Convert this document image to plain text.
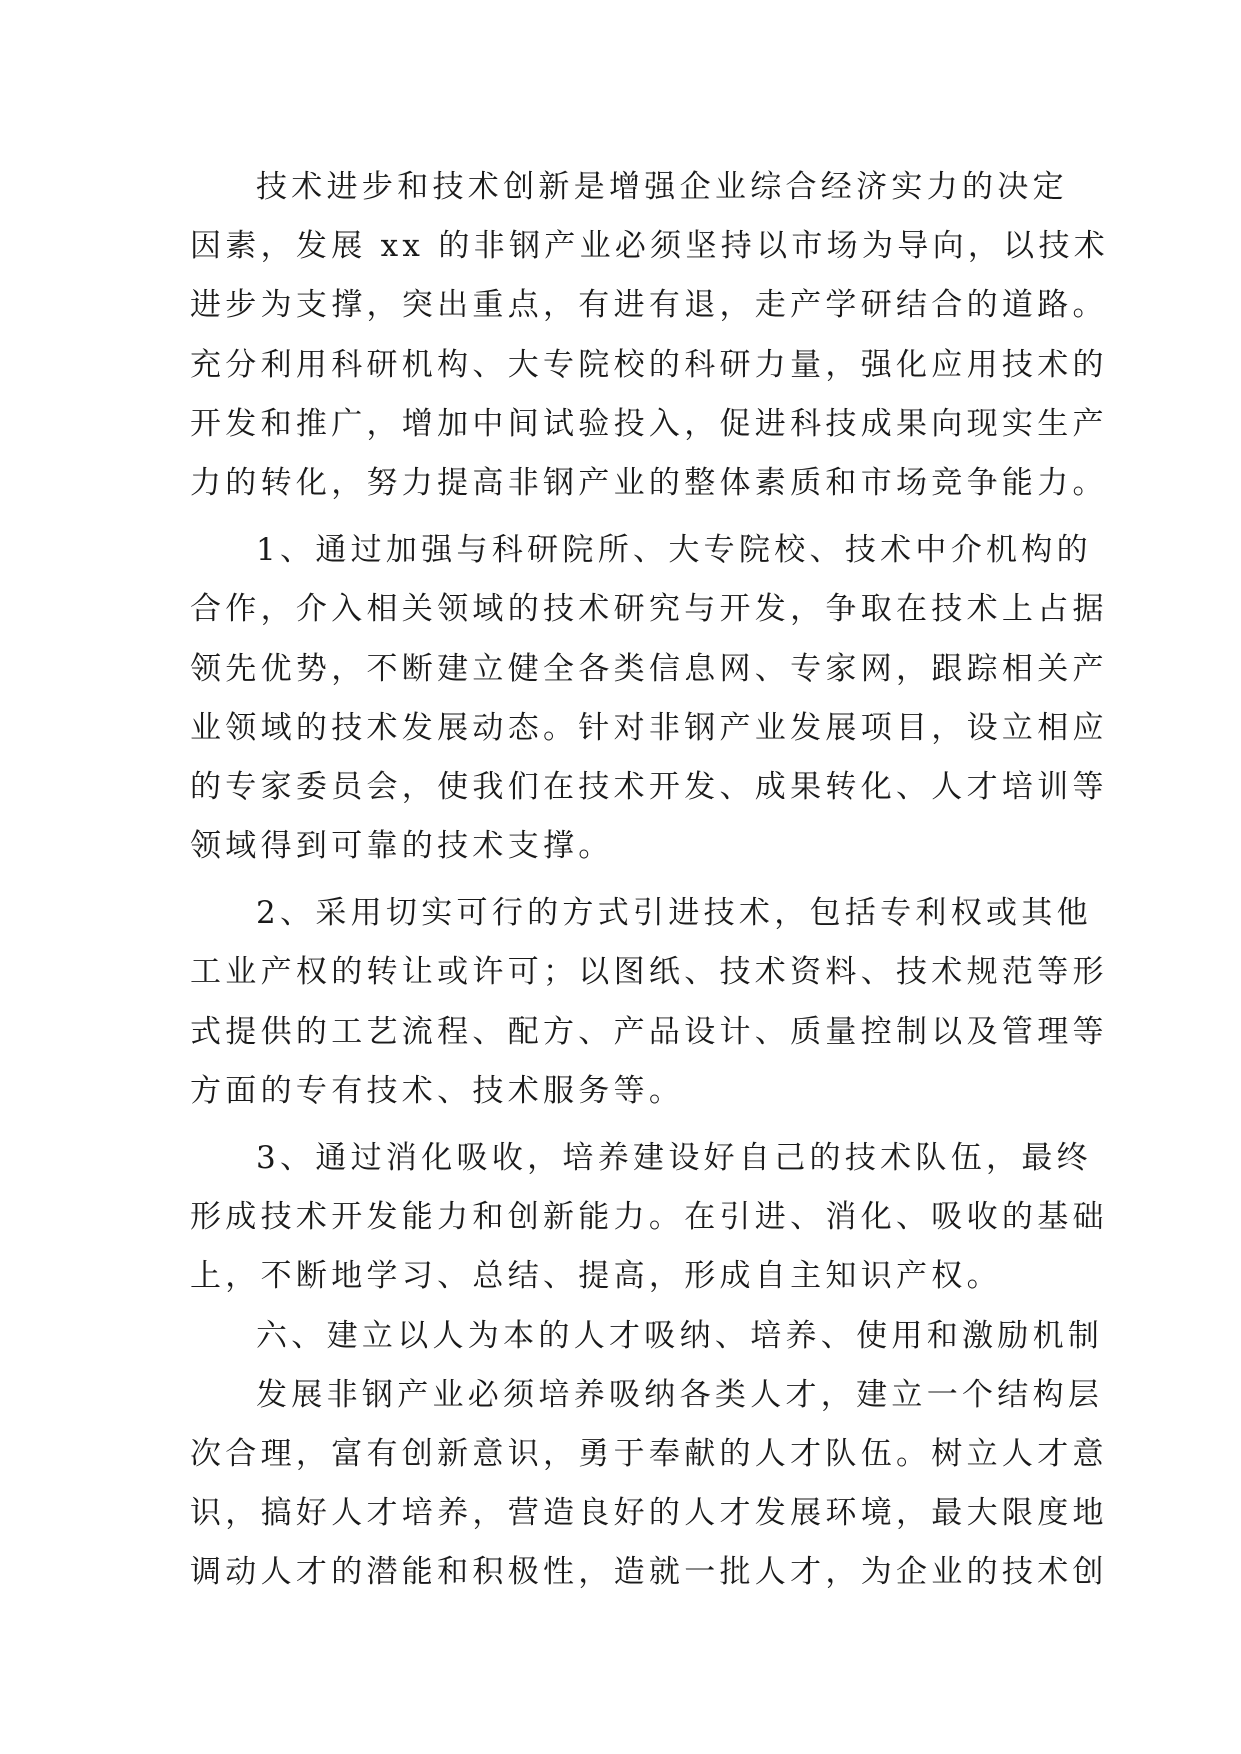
技术进步和技术创新是增强企业综合经济实力的决定
因素，发展 xx 的非钢产业必须坚持以市场为导向，以技术
进步为支撑，突出重点，有进有退，走产学研结合的道路。
充分利用科研机构、大专院校的科研力量，强化应用技术的
开发和推广，增加中间试验投入，促进科技成果向现实生产
力的转化，努力提高非钢产业的整体素质和市场竞争能力。
1、通过加强与科研院所、大专院校、技术中介机构的
合作，介入相关领域的技术研究与开发，争取在技术上占据
领先优势，不断建立健全各类信息网、专家网，跟踪相关产
业领域的技术发展动态。针对非钢产业发展项目，设立相应
的专家委员会，使我们在技术开发、成果转化、人才培训等
领域得到可靠的技术支撑。
2、采用切实可行的方式引进技术，包括专利权或其他
工业产权的转让或许可；以图纸、技术资料、技术规范等形
式提供的工艺流程、配方、产品设计、质量控制以及管理等
方面的专有技术、技术服务等。
3、通过消化吸收，培养建设好自己的技术队伍，最终
形成技术开发能力和创新能力。在引进、消化、吸收的基础
上，不断地学习、总结、提高，形成自主知识产权。
六、建立以人为本的人才吸纳、培养、使用和激励机制
发展非钢产业必须培养吸纳各类人才，建立一个结构层
次合理，富有创新意识，勇于奉献的人才队伍。树立人才意
识，搞好人才培养，营造良好的人才发展环境，最大限度地
调动人才的潜能和积极性，造就一批人才，为企业的技术创
